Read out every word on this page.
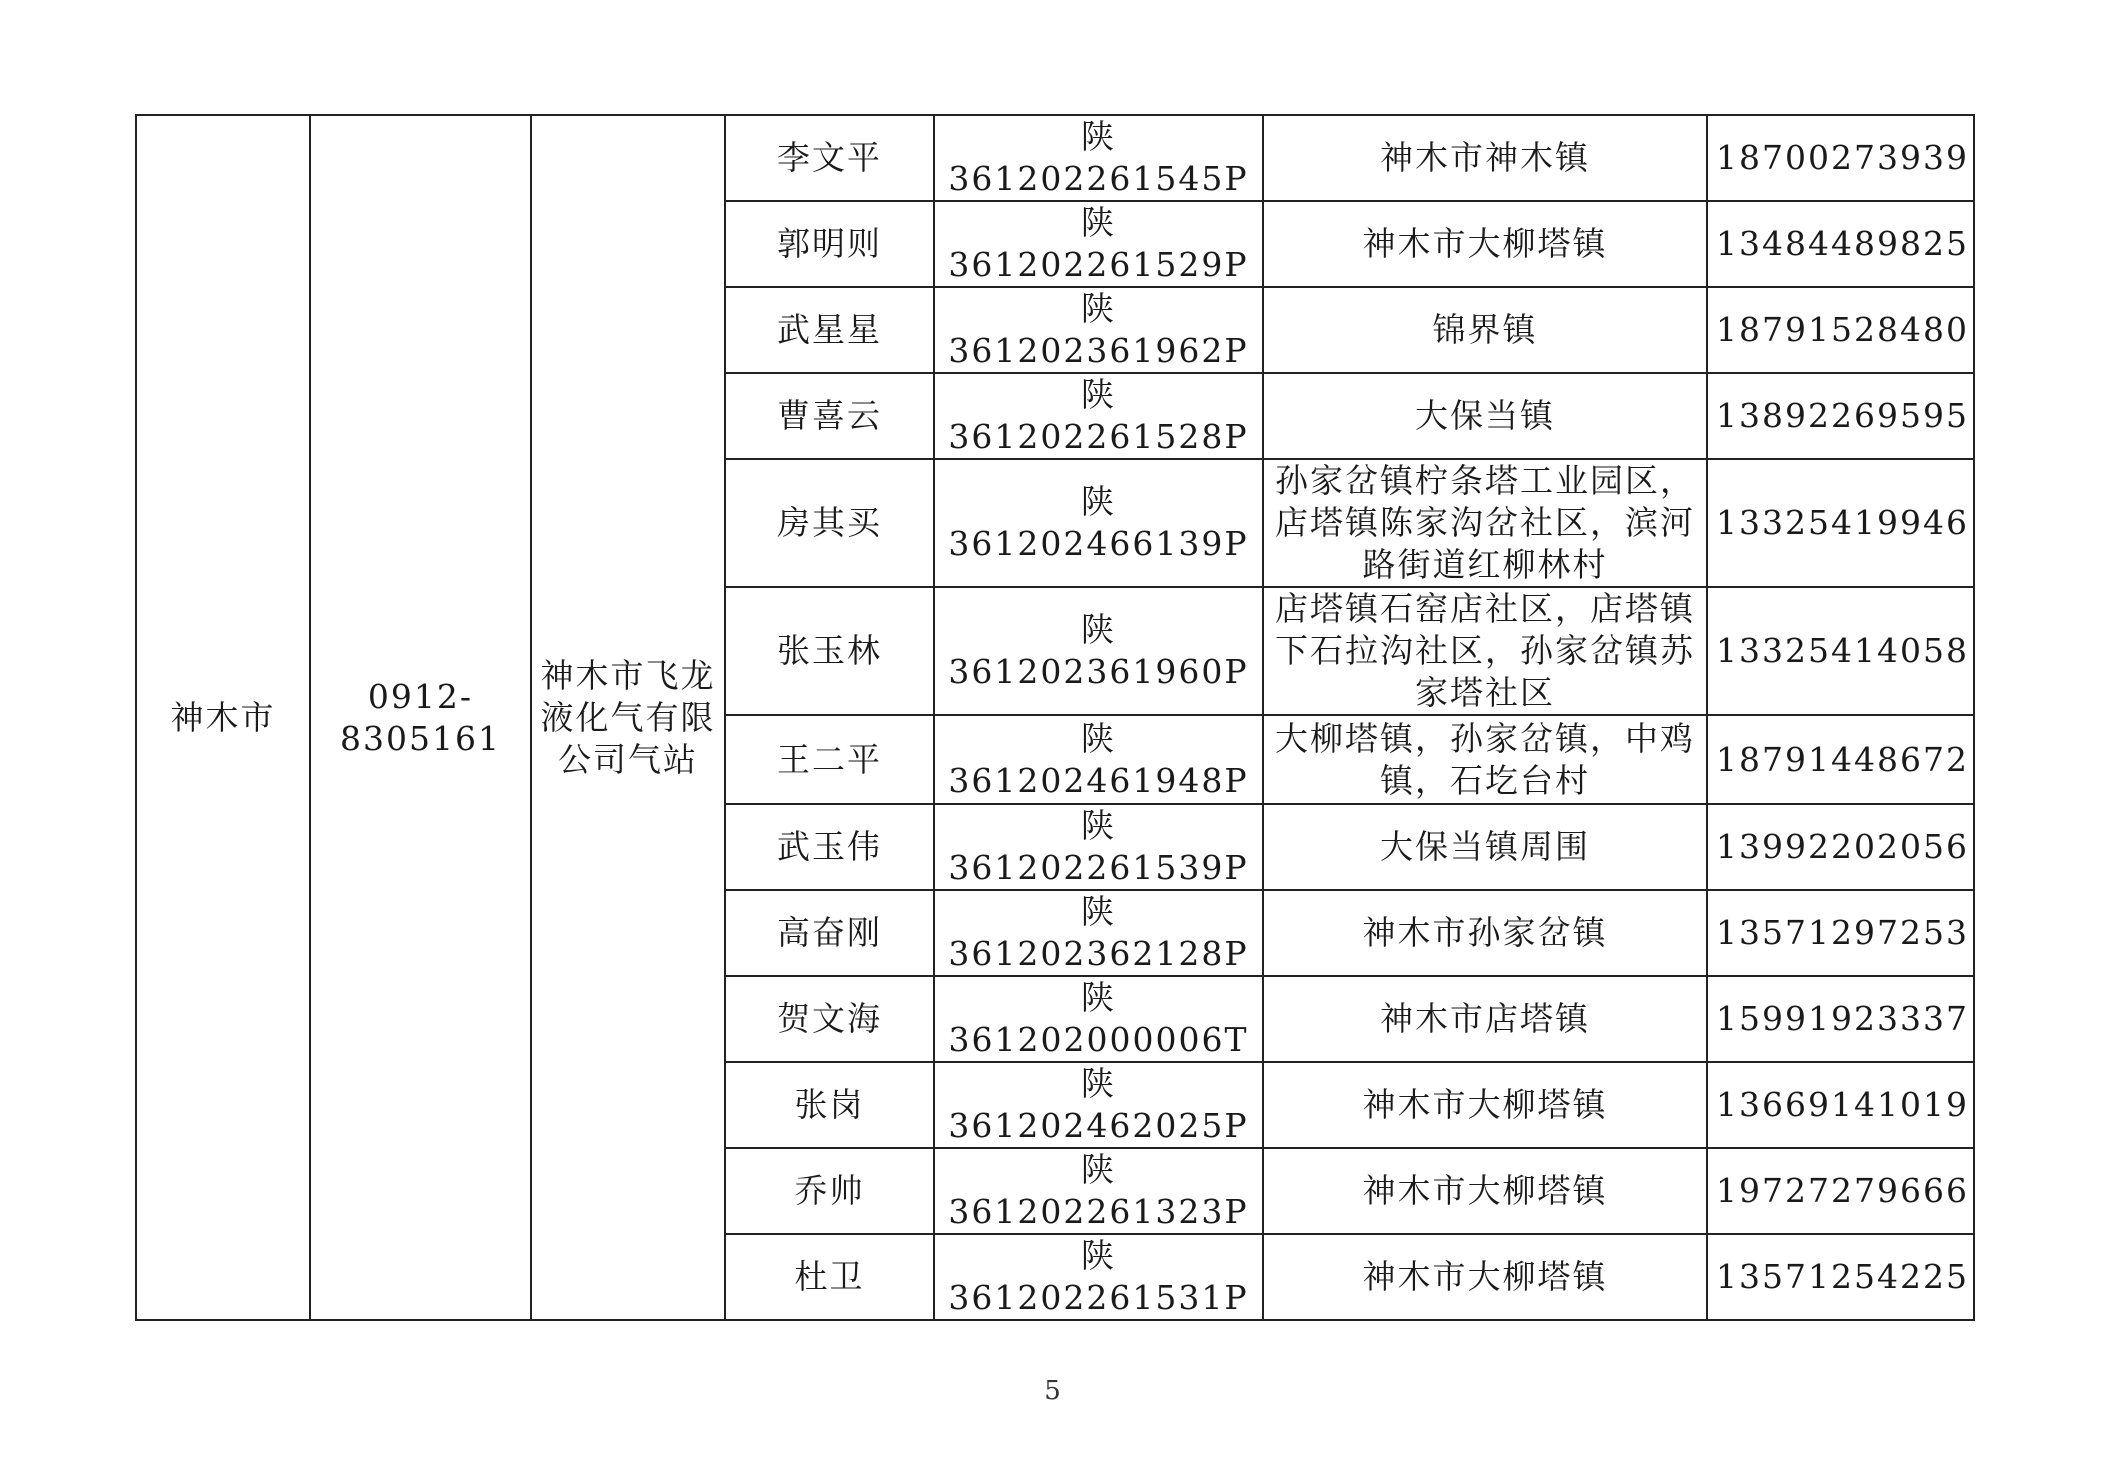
神木市	0912-8305161	神木市飞龙液化气有限公司气站	李文平	陕361202261545P	神木市神木镇	18700273939
			郭明则	陕361202261529P	神木市大柳塔镇	13484489825
			武星星	陕361202361962P	锦界镇	18791528480
			曹喜云	陕361202261528P	大保当镇	13892269595
			房其买	陕361202466139P	孙家岔镇柠条塔工业园区，店塔镇陈家沟岔社区，滨河路街道红柳林村	13325419946
			张玉林	陕361202361960P	店塔镇石窑店社区，店塔镇下石拉沟社区，孙家岔镇苏家塔社区	13325414058
			王二平	陕361202461948P	大柳塔镇，孙家岔镇，中鸡镇，石圪台村	18791448672
			武玉伟	陕361202261539P	大保当镇周围	13992202056
			高奋刚	陕361202362128P	神木市孙家岔镇	13571297253
			贺文海	陕361202000006T	神木市店塔镇	15991923337
			张岗	陕361202462025P	神木市大柳塔镇	13669141019
			乔帅	陕361202261323P	神木市大柳塔镇	19727279666
			杜卫	陕361202261531P	神木市大柳塔镇	13571254225
5
